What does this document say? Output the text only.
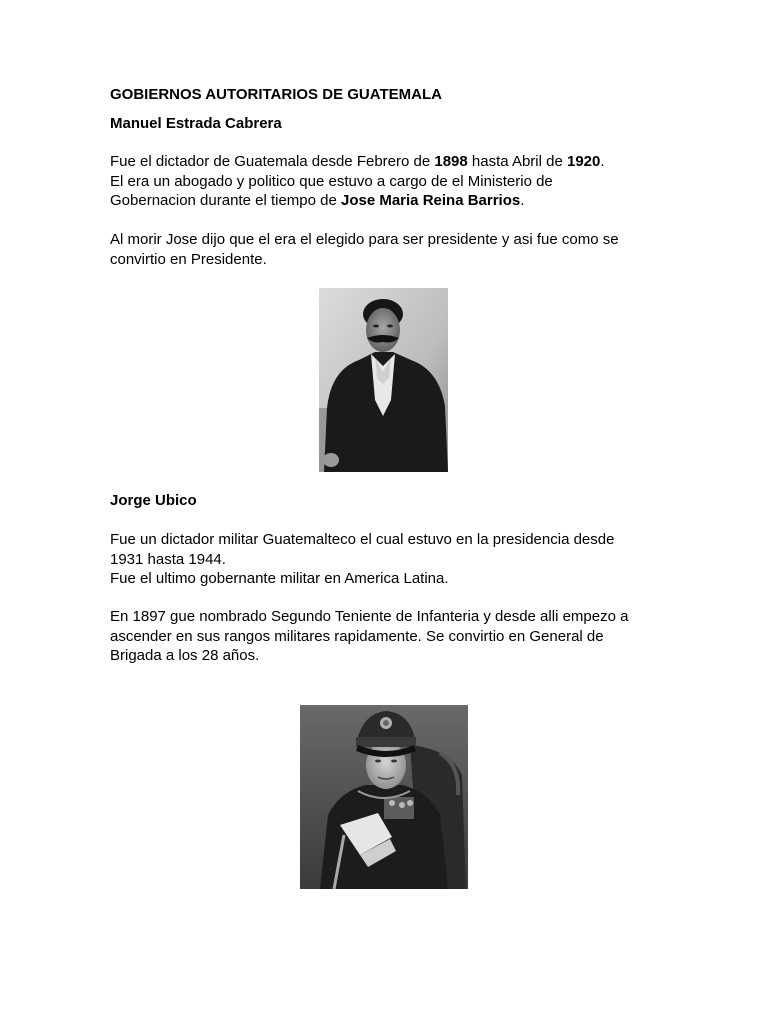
GOBIERNOS AUTORITARIOS DE GUATEMALA
Manuel Estrada Cabrera
Fue el dictador de Guatemala desde Febrero de 1898 hasta Abril de 1920.
El era un abogado y politico que estuvo a cargo de el Ministerio de
Gobernacion durante el tiempo de Jose Maria Reina Barrios.
Al morir Jose dijo que el era el elegido para ser presidente y asi fue como se
convirtio en Presidente.
Jorge Ubico
Fue un dictador militar Guatemalteco el cual estuvo en la presidencia desde
1931 hasta 1944.
Fue el ultimo gobernante militar en America Latina.
En 1897 gue nombrado Segundo Teniente de Infanteria y desde alli empezo a
ascender en sus rangos militares rapidamente. Se convirtio en General de
Brigada a los 28 años.
